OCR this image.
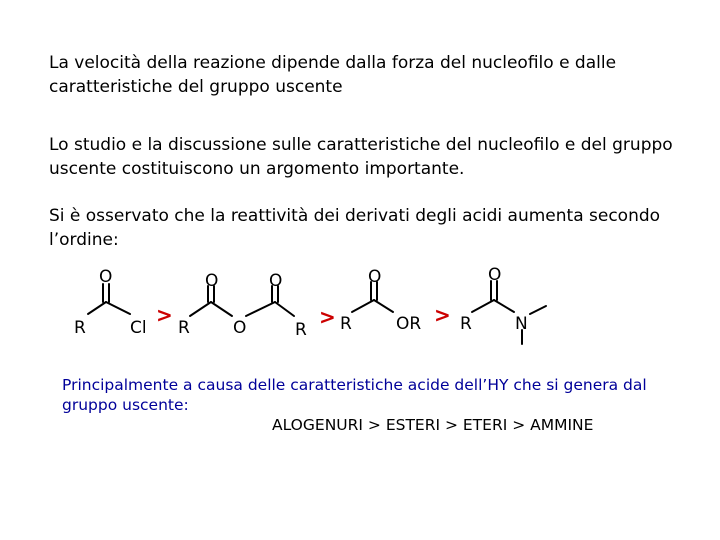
La velocità della reazione dipende dalla forza del nucleofilo e dalle caratteristiche del gruppo uscente
Lo studio e la discussione sulle caratteristiche del nucleofilo e del gruppo uscente costituiscono un argomento importante.
Si è osservato che la reattività dei derivati degli acidi aumenta secondo l’ordine:
R
O
Cl
>
R
O
O
O
R
> R
O
OR > R
O
N
Principalmente a causa delle caratteristiche acide dell’HY che si genera dal gruppo uscente:
ALOGENURI > ESTERI > ETERI > AMMINE
